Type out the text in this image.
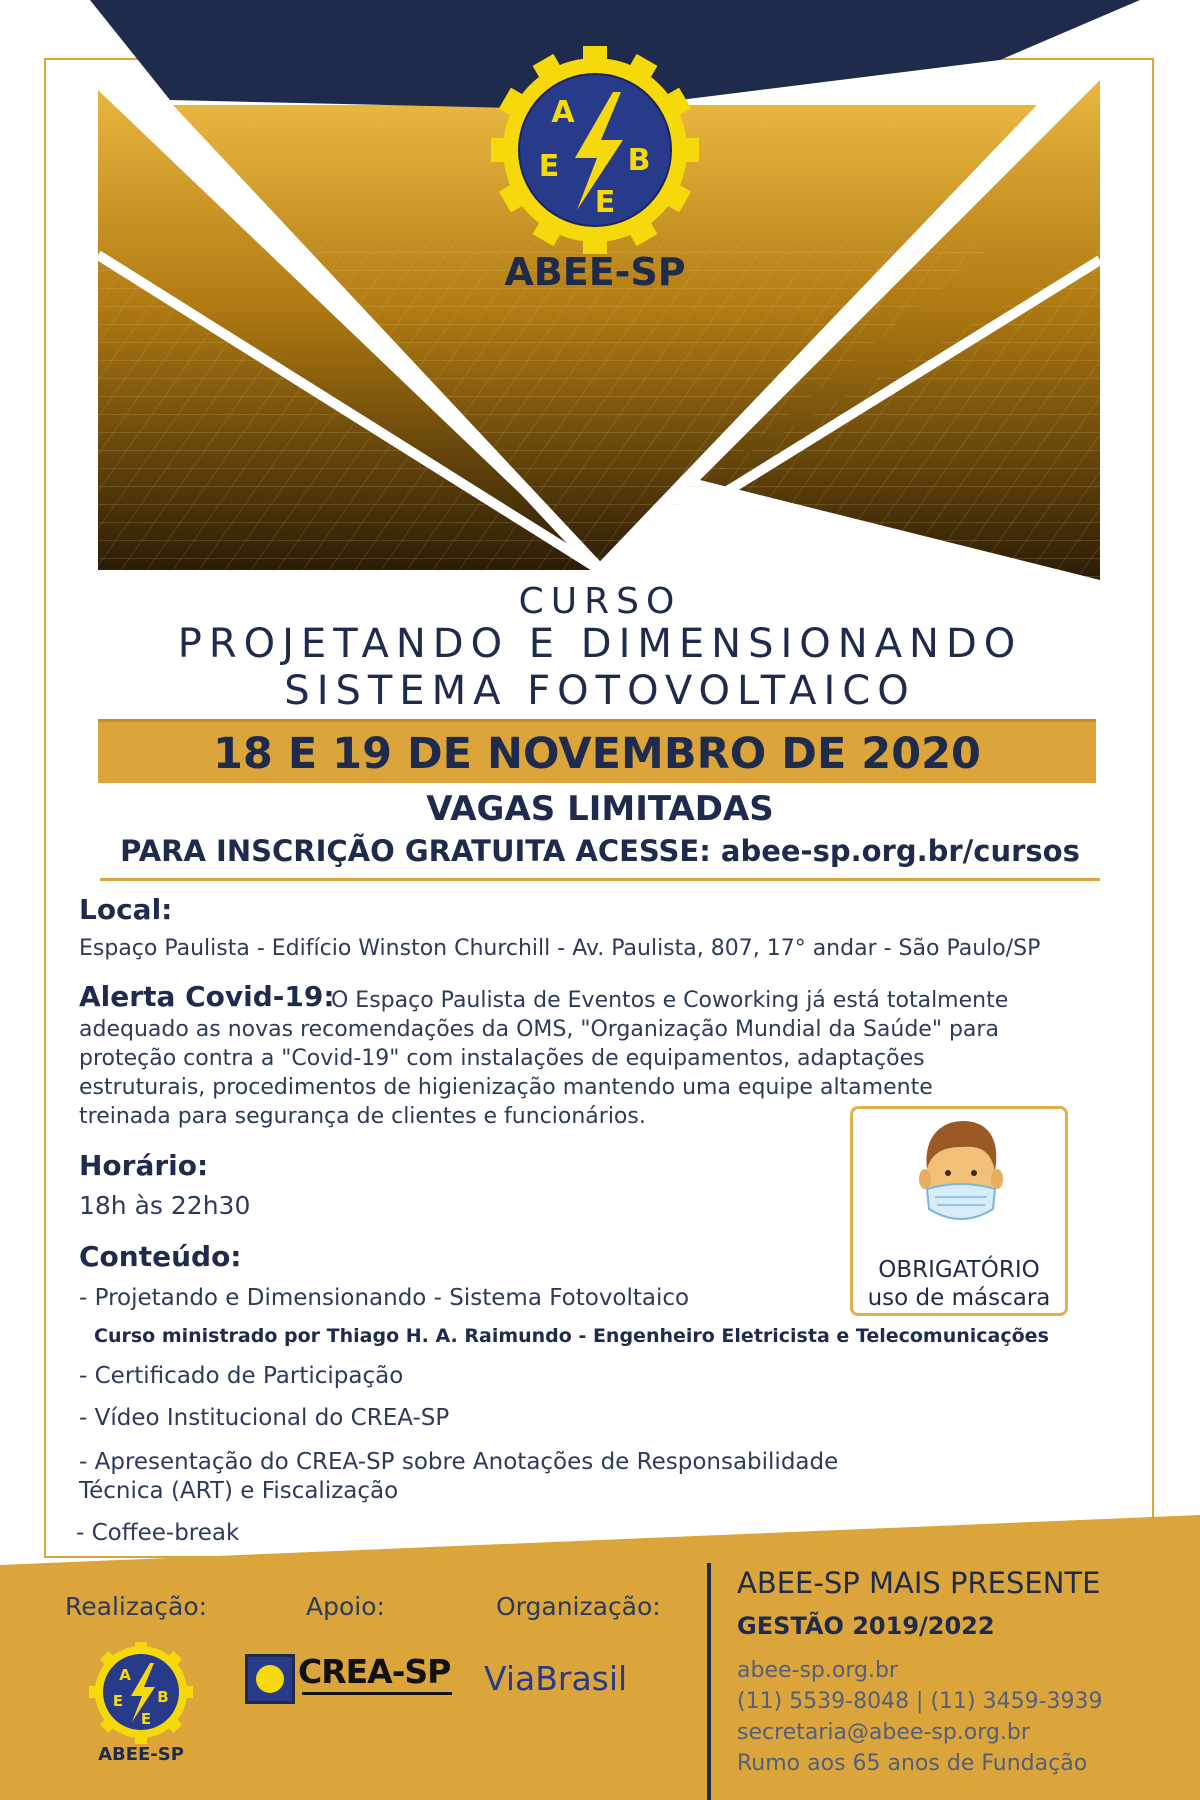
A
B
E
E
ABEE-SP
CURSO
PROJETANDO E DIMENSIONANDO
SISTEMA FOTOVOLTAICO
18 E 19 DE NOVEMBRO DE 2020
VAGAS LIMITADAS
PARA INSCRIÇÃO GRATUITA ACESSE: abee-sp.org.br/cursos
Local:
Espaço Paulista - Edifício Winston Churchill - Av. Paulista, 807, 17° andar - São Paulo/SP
Alerta Covid-19:
O Espaço Paulista de Eventos e Coworking já está totalmente
adequado as novas recomendações da OMS, "Organização Mundial da Saúde" para
proteção contra a "Covid-19" com instalações de equipamentos, adaptações
estruturais, procedimentos de higienização mantendo uma equipe altamente
treinada para segurança de clientes e funcionários.
Horário:
18h às 22h30
Conteúdo:
- Projetando e Dimensionando - Sistema Fotovoltaico
Curso ministrado por Thiago H. A. Raimundo - Engenheiro Eletricista e Telecomunicações
- Certificado de Participação
- Vídeo Institucional do CREA-SP
- Apresentação do CREA-SP sobre Anotações de Responsabilidade
Técnica (ART) e Fiscalização
- Coffee-break
OBRIGATÓRIO
uso de máscara
Realização:	Apoio:	Organização:
A
B
E
E
ABEE-SP
CREA-SP ViaBrasil
ABEE-SP MAIS PRESENTE
GESTÃO 2019/2022
abee-sp.org.br
(11) 5539-8048 | (11) 3459-3939
secretaria@abee-sp.org.br
Rumo aos 65 anos de Fundação
